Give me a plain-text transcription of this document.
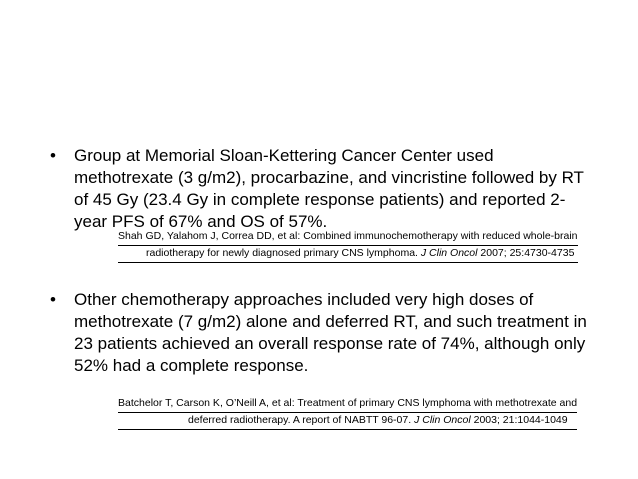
• Group at Memorial Sloan-Kettering Cancer Center used methotrexate (3 g/m2), procarbazine, and vincristine followed by RT of 45 Gy (23.4 Gy in complete response patients) and reported 2-year PFS of 67% and OS of 57%.
Shah GD, Yalahom J, Correa DD, et al: Combined immunochemotherapy with reduced whole-brain
radiotherapy for newly diagnosed primary CNS lymphoma. J Clin Oncol 2007; 25:4730-4735
• Other chemotherapy approaches included very high doses of methotrexate (7 g/m2) alone and deferred RT, and such treatment in 23 patients achieved an overall response rate of 74%, although only 52% had a complete response.
Batchelor T, Carson K, O’Neill A, et al: Treatment of primary CNS lymphoma with methotrexate and
deferred radiotherapy. A report of NABTT 96-07. J Clin Oncol 2003; 21:1044-1049
